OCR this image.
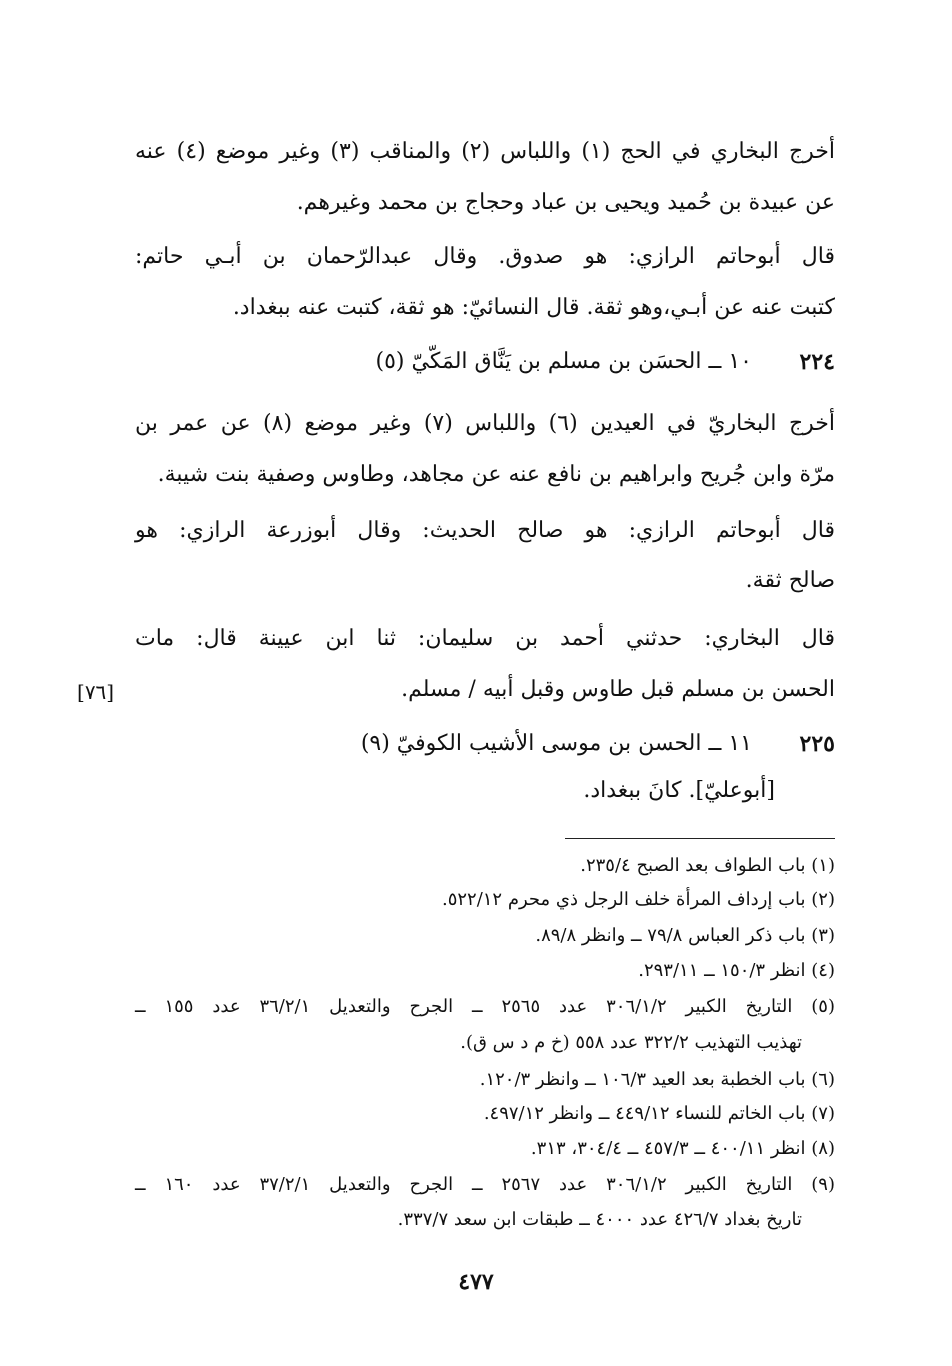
أخرج البخاري في الحج (١) واللباس (٢) والمناقب (٣) وغير موضع (٤) عنه
عن عبيدة بن حُميد ويحيى بن عباد وحجاج بن محمد وغيرهم.
قال أبوحاتم الرازي: هو صدوق. وقال عبدالرّحمان بن أبـي حاتم:
كتبت عنه عن أبـي،وهو ثقة. قال النسائيّ: هو ثقة، كتبت عنه ببغداد.
٢٢٤
١٠ ــ الحسَن بن مسلم بن يَنَّاق المَكّيّ (٥)
أخرج البخاريّ في العيدين (٦) واللباس (٧) وغير موضع (٨) عن عمر بن
مرّة وابن جُريح وابراهيم بن نافع عنه عن مجاهد، وطاوس وصفية بنت شيبة.
قال أبوحاتم الرازي: هو صالح الحديث: وقال أبوزرعة الرازي: هو
صالح ثقة.
قال البخاري: حدثني أحمد بن سليمان: ثنا ابن عيينة قال: مات
الحسن بن مسلم قبل طاوس وقبل أبيه / مسلم.
[٧٦]
٢٢٥
١١ ــ الحسن بن موسى الأشيب الكوفيّ (٩)
[أبوعليّ]. كانَ ببغداد.
(١) باب الطواف بعد الصبح ٢٣٥/٤.
(٢) باب إرداف المرأة خلف الرجل ذي محرم ٥٢٢/١٢.
(٣) باب ذكر العباس ٧٩/٨ ــ وانظر ٨٩/٨.
(٤) انظر ١٥٠/٣ ــ ٢٩٣/١١.
(٥) التاريخ الكبير ٣٠٦/١/٢ عدد ٢٥٦٥ ــ الجرح والتعديل ٣٦/٢/١ عدد ١٥٥ ــ
تهذيب التهذيب ٣٢٢/٢ عدد ٥٥٨ (خ م د س ق).
(٦) باب الخطبة بعد العيد ١٠٦/٣ ــ وانظر ١٢٠/٣.
(٧) باب الخاتم للنساء ٤٤٩/١٢ ــ وانظر ٤٩٧/١٢.
(٨) انظر ٤٠٠/١١ ــ ٤٥٧/٣ ــ ٣٠٤/٤، ٣١٣.
(٩) التاريخ الكبير ٣٠٦/١/٢ عدد ٢٥٦٧ ــ الجرح والتعديل ٣٧/٢/١ عدد ١٦٠ ــ
تاريخ بغداد ٤٢٦/٧ عدد ٤٠٠٠ ــ طبقات ابن سعد ٣٣٧/٧.
٤٧٧
